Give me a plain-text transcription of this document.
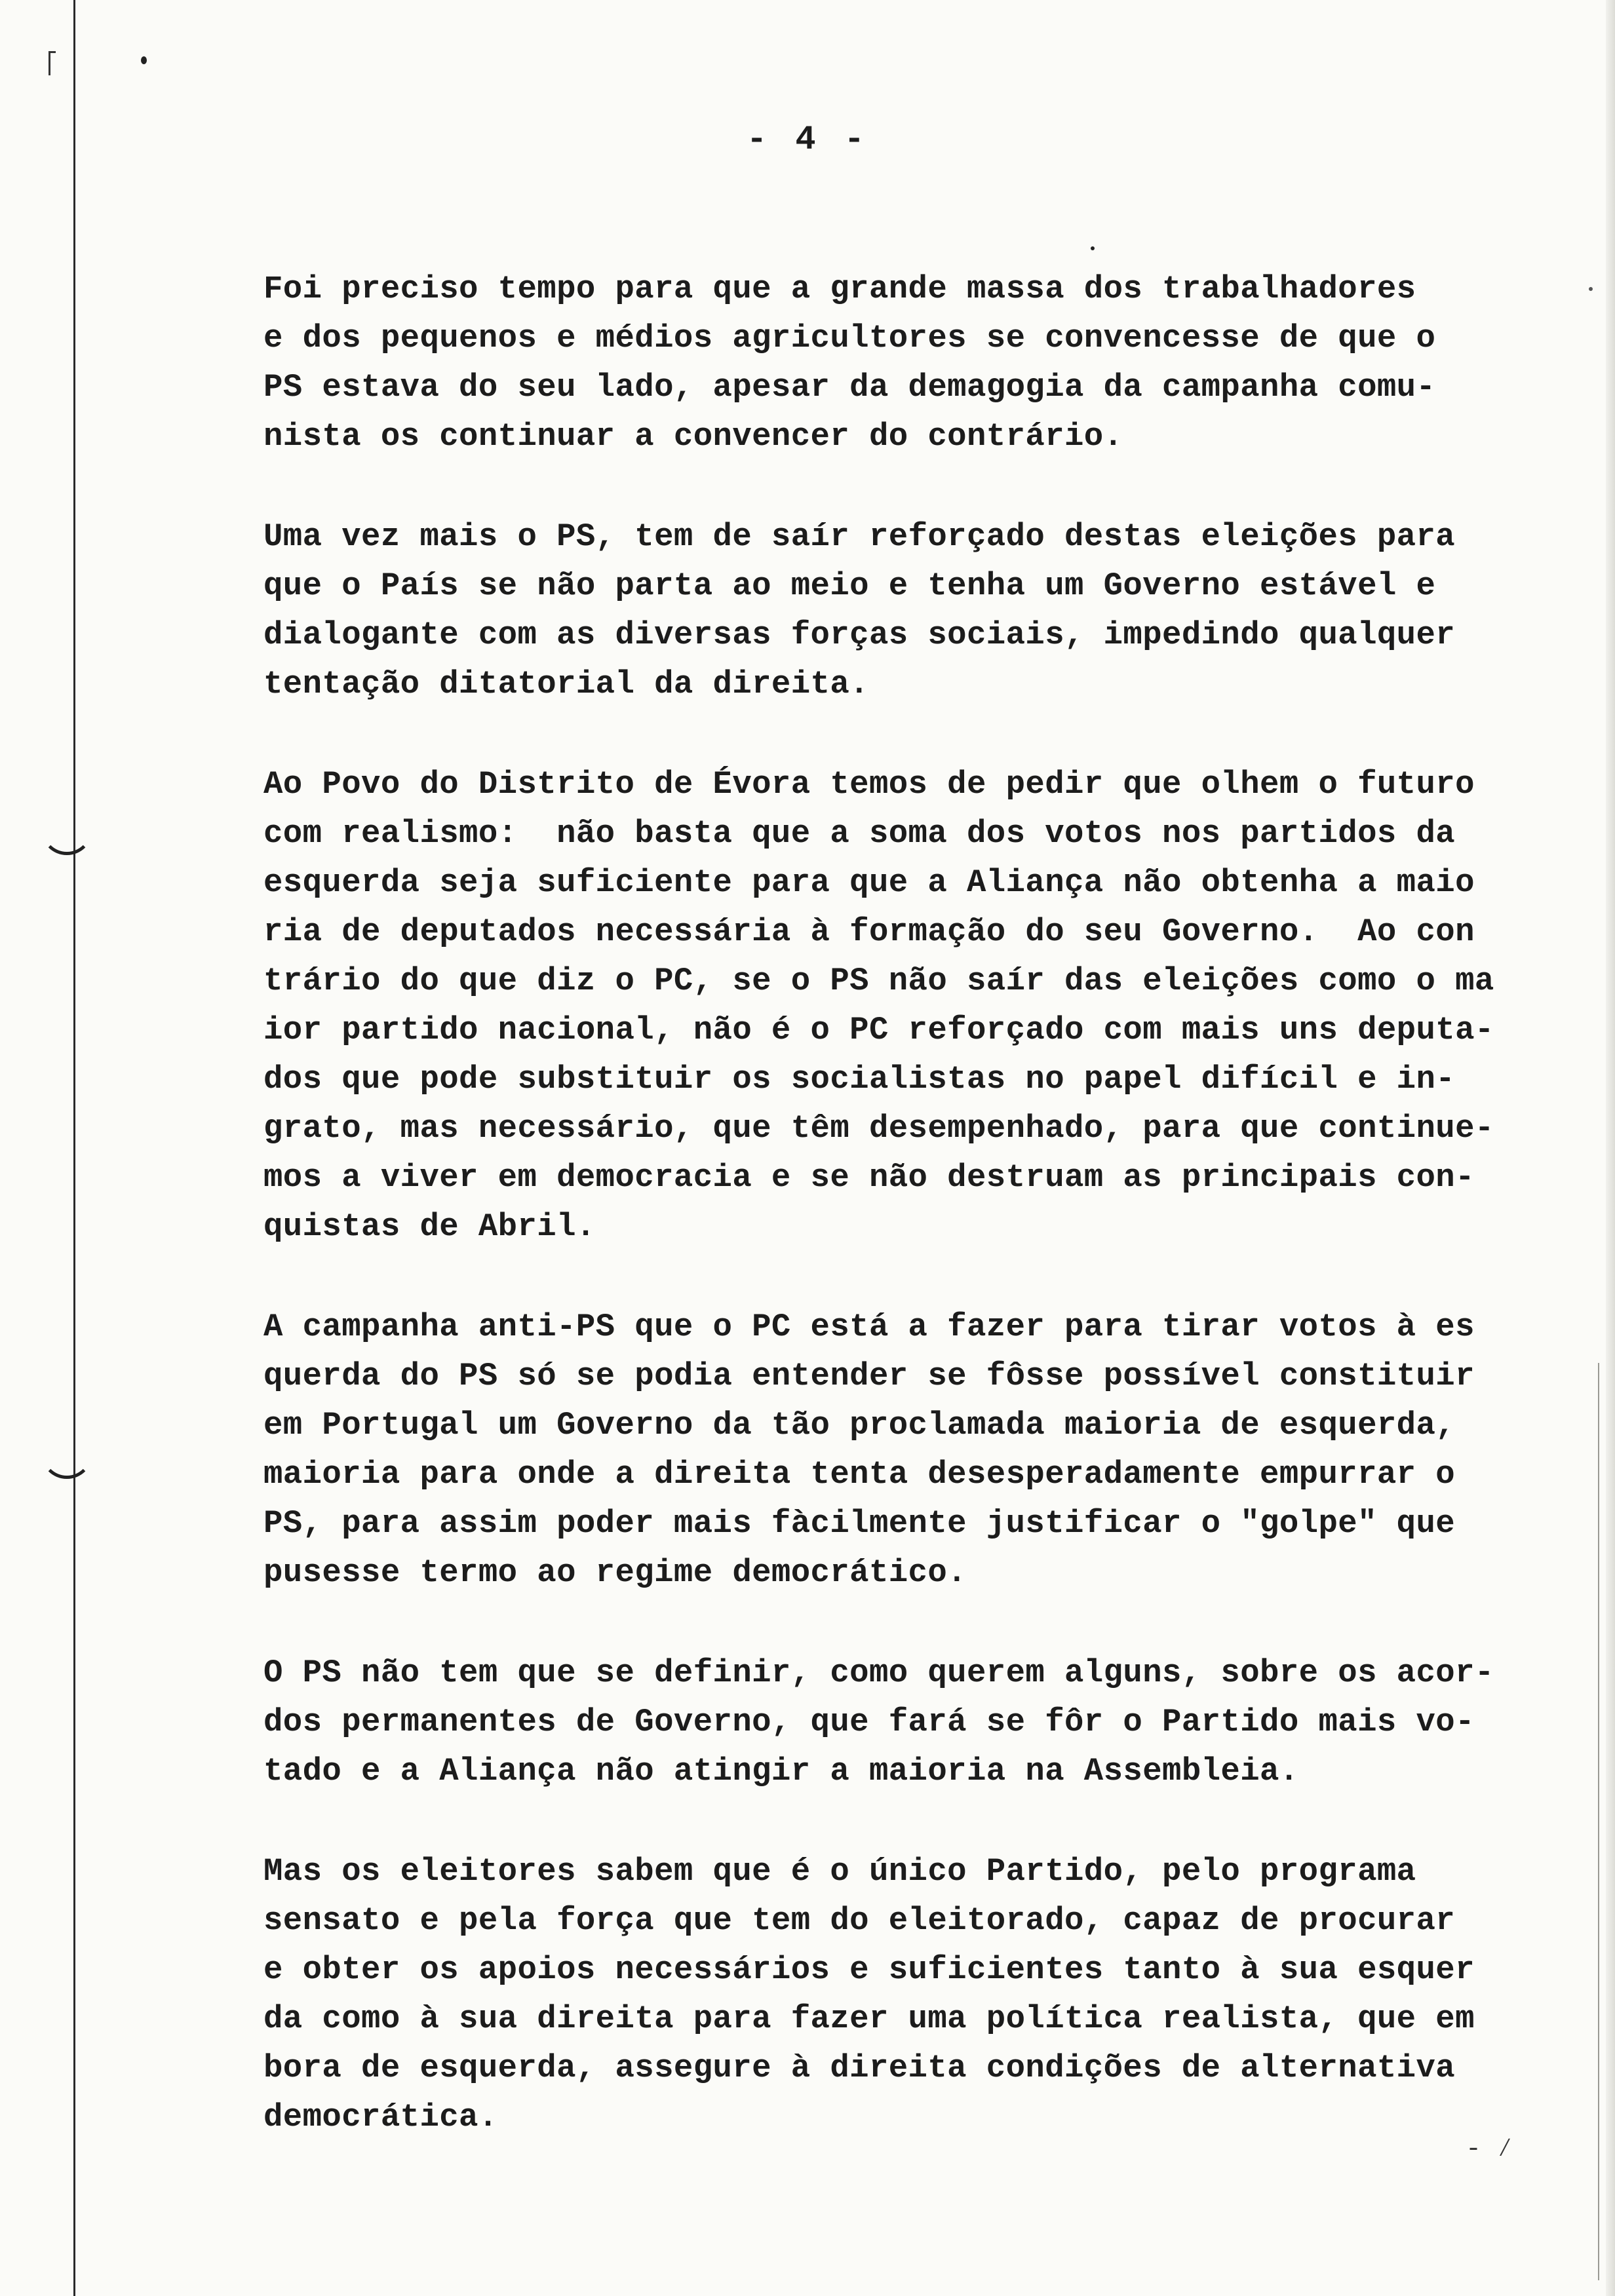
- ⁄
- 4 -
Foi preciso tempo para que a grande massa dos trabalhadores
e dos pequenos e médios agricultores se convencesse de que o
PS estava do seu lado, apesar da demagogia da campanha comu-
nista os continuar a convencer do contrário.
Uma vez mais o PS, tem de saír reforçado destas eleições para
que o País se não parta ao meio e tenha um Governo estável e
dialogante com as diversas forças sociais, impedindo qualquer
tentação ditatorial da direita.
Ao Povo do Distrito de Évora temos de pedir que olhem o futuro
com realismo:  não basta que a soma dos votos nos partidos da
esquerda seja suficiente para que a Aliança não obtenha a maio
ria de deputados necessária à formação do seu Governo.  Ao con
trário do que diz o PC, se o PS não saír das eleições como o ma
ior partido nacional, não é o PC reforçado com mais uns deputa-
dos que pode substituir os socialistas no papel difícil e in-
grato, mas necessário, que têm desempenhado, para que continue-
mos a viver em democracia e se não destruam as principais con-
quistas de Abril.
A campanha anti-PS que o PC está a fazer para tirar votos à es
querda do PS só se podia entender se fôsse possível constituir
em Portugal um Governo da tão proclamada maioria de esquerda,
maioria para onde a direita tenta desesperadamente empurrar o
PS, para assim poder mais fàcilmente justificar o "golpe" que
pusesse termo ao regime democrático.
O PS não tem que se definir, como querem alguns, sobre os acor-
dos permanentes de Governo, que fará se fôr o Partido mais vo-
tado e a Aliança não atingir a maioria na Assembleia.
Mas os eleitores sabem que é o único Partido, pelo programa
sensato e pela força que tem do eleitorado, capaz de procurar
e obter os apoios necessários e suficientes tanto à sua esquer
da como à sua direita para fazer uma política realista, que em
bora de esquerda, assegure à direita condições de alternativa
democrática.
